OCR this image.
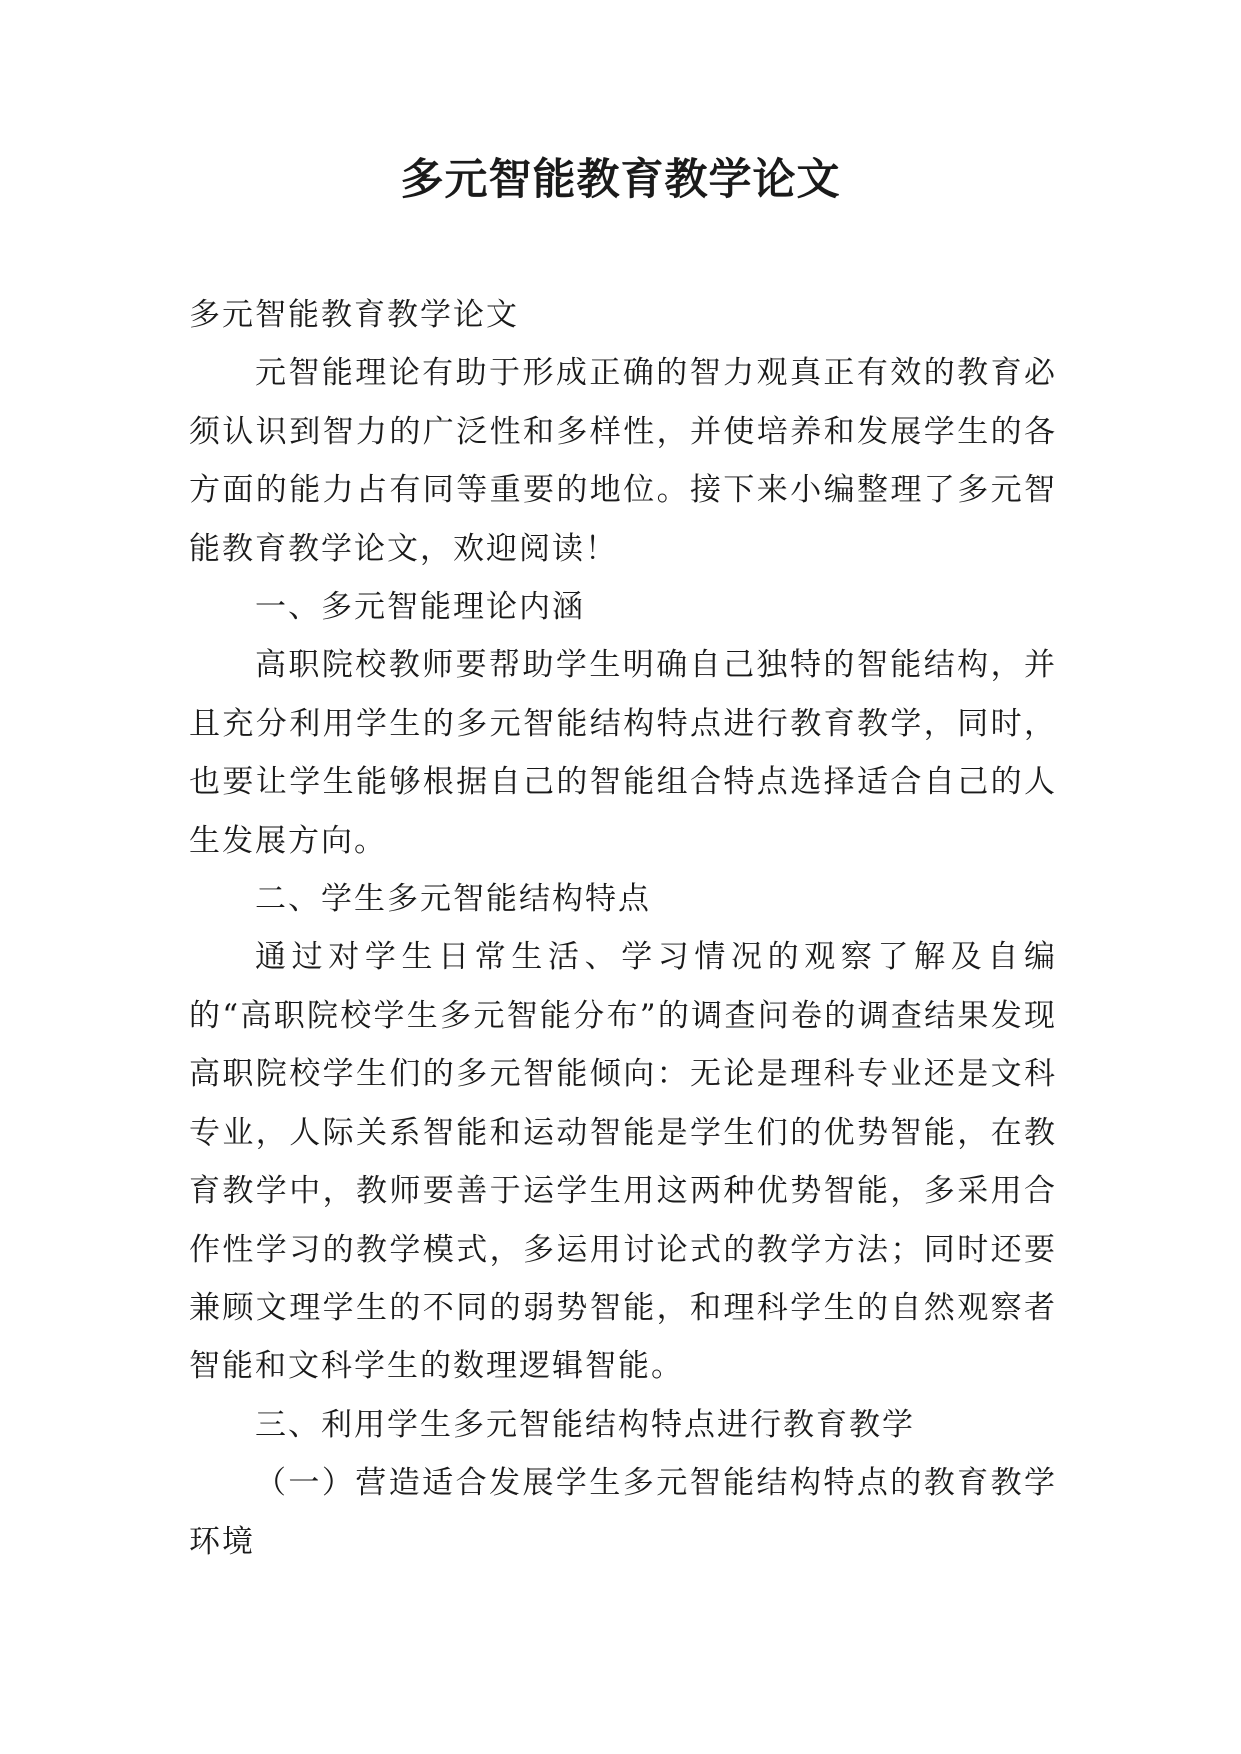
多元智能教育教学论文

多元智能教育教学论文

元智能理论有助于形成正确的智力观真正有效的教育必须认识到智力的广泛性和多样性，并使培养和发展学生的各方面的能力占有同等重要的地位。接下来小编整理了多元智能教育教学论文，欢迎阅读！

一、多元智能理论内涵

高职院校教师要帮助学生明确自己独特的智能结构，并且充分利用学生的多元智能结构特点进行教育教学，同时，也要让学生能够根据自己的智能组合特点选择适合自己的人生发展方向。

二、学生多元智能结构特点

通过对学生日常生活、学习情况的观察了解及自编的“高职院校学生多元智能分布”的调查问卷的调查结果发现高职院校学生们的多元智能倾向：无论是理科专业还是文科专业，人际关系智能和运动智能是学生们的优势智能，在教育教学中，教师要善于运学生用这两种优势智能，多采用合作性学习的教学模式，多运用讨论式的教学方法；同时还要兼顾文理学生的不同的弱势智能，和理科学生的自然观察者智能和文科学生的数理逻辑智能。

三、利用学生多元智能结构特点进行教育教学

（一）营造适合发展学生多元智能结构特点的教育教学环境
